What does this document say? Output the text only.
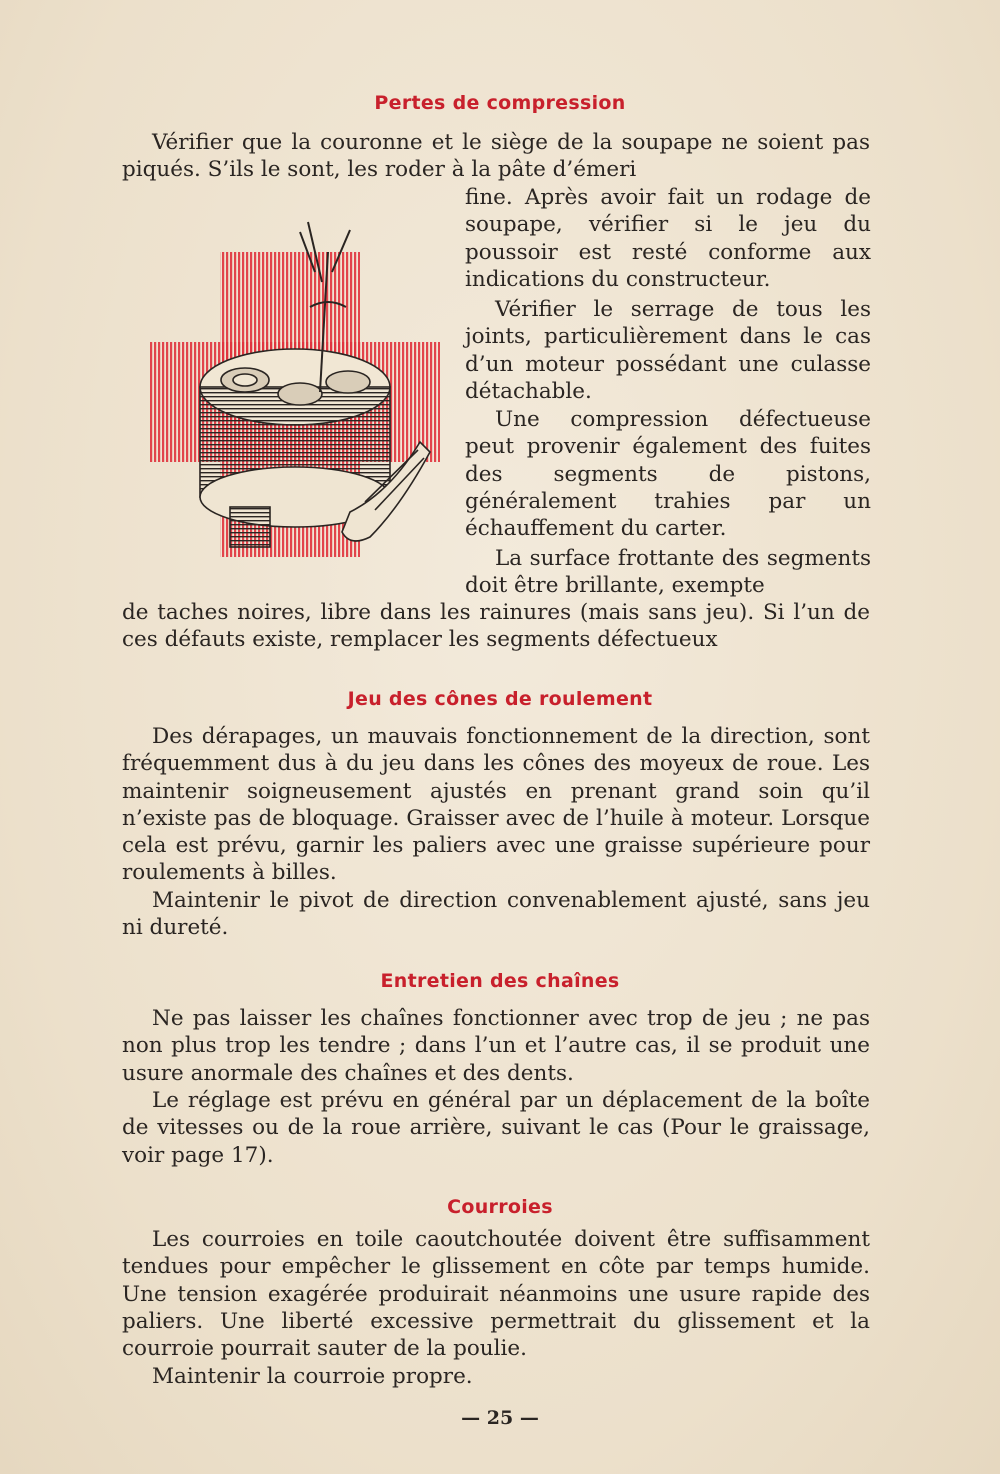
Pertes de compression

Vérifier que la couronne et le siège de la soupape ne soient pas piqués. S’ils le sont, les roder à la pâte d’émeri

fine. Après avoir fait un rodage de soupape, vérifier si le jeu du poussoir est resté conforme aux indications du constructeur.

Vérifier le serrage de tous les joints, particulièrement dans le cas d’un moteur possédant une culasse détachable.

Une compression défectueuse peut provenir également des fuites des segments de pistons, généralement trahies par un échauffement du carter.

La surface frottante des segments doit être brillante, exempte

de taches noires, libre dans les rainures (mais sans jeu). Si l’un de ces défauts existe, remplacer les segments défectueux

Jeu des cônes de roulement

Des dérapages, un mauvais fonctionnement de la direction, sont fréquemment dus à du jeu dans les cônes des moyeux de roue. Les maintenir soigneusement ajustés en prenant grand soin qu’il n’existe pas de bloquage. Graisser avec de l’huile à moteur. Lorsque cela est prévu, garnir les paliers avec une graisse supérieure pour roulements à billes.

Maintenir le pivot de direction convenablement ajusté, sans jeu ni dureté.

Entretien des chaînes

Ne pas laisser les chaînes fonctionner avec trop de jeu ; ne pas non plus trop les tendre ; dans l’un et l’autre cas, il se produit une usure anormale des chaînes et des dents.

Le réglage est prévu en général par un déplacement de la boîte de vitesses ou de la roue arrière, suivant le cas (Pour le graissage, voir page 17).

Courroies

Les courroies en toile caoutchoutée doivent être suffisamment tendues pour empêcher le glissement en côte par temps humide. Une tension exagérée produirait néanmoins une usure rapide des paliers. Une liberté excessive permettrait du glissement et la courroie pourrait sauter de la poulie.

Maintenir la courroie propre.

— 25 —
